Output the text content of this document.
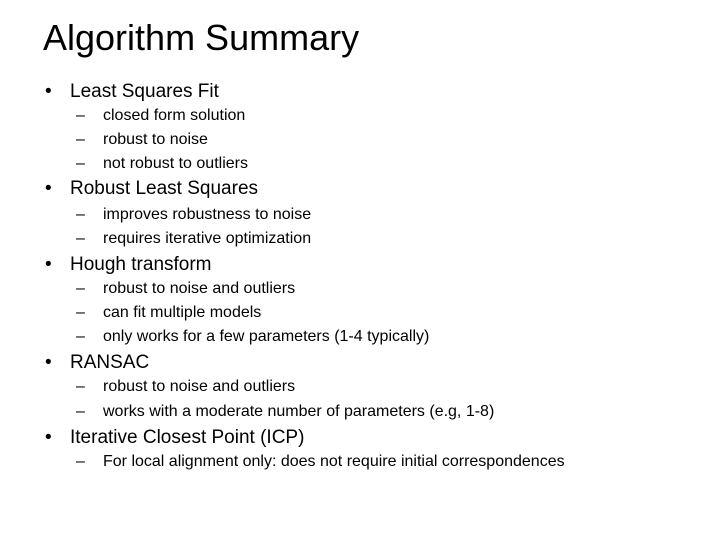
Algorithm Summary
• Least Squares Fit
– closed form solution
– robust to noise
– not robust to outliers
• Robust Least Squares
– improves robustness to noise
– requires iterative optimization
• Hough transform
– robust to noise and outliers
– can fit multiple models
– only works for a few parameters (1-4 typically)
• RANSAC
– robust to noise and outliers
– works with a moderate number of parameters (e.g, 1-8)
• Iterative Closest Point (ICP)
– For local alignment only: does not require initial correspondences
